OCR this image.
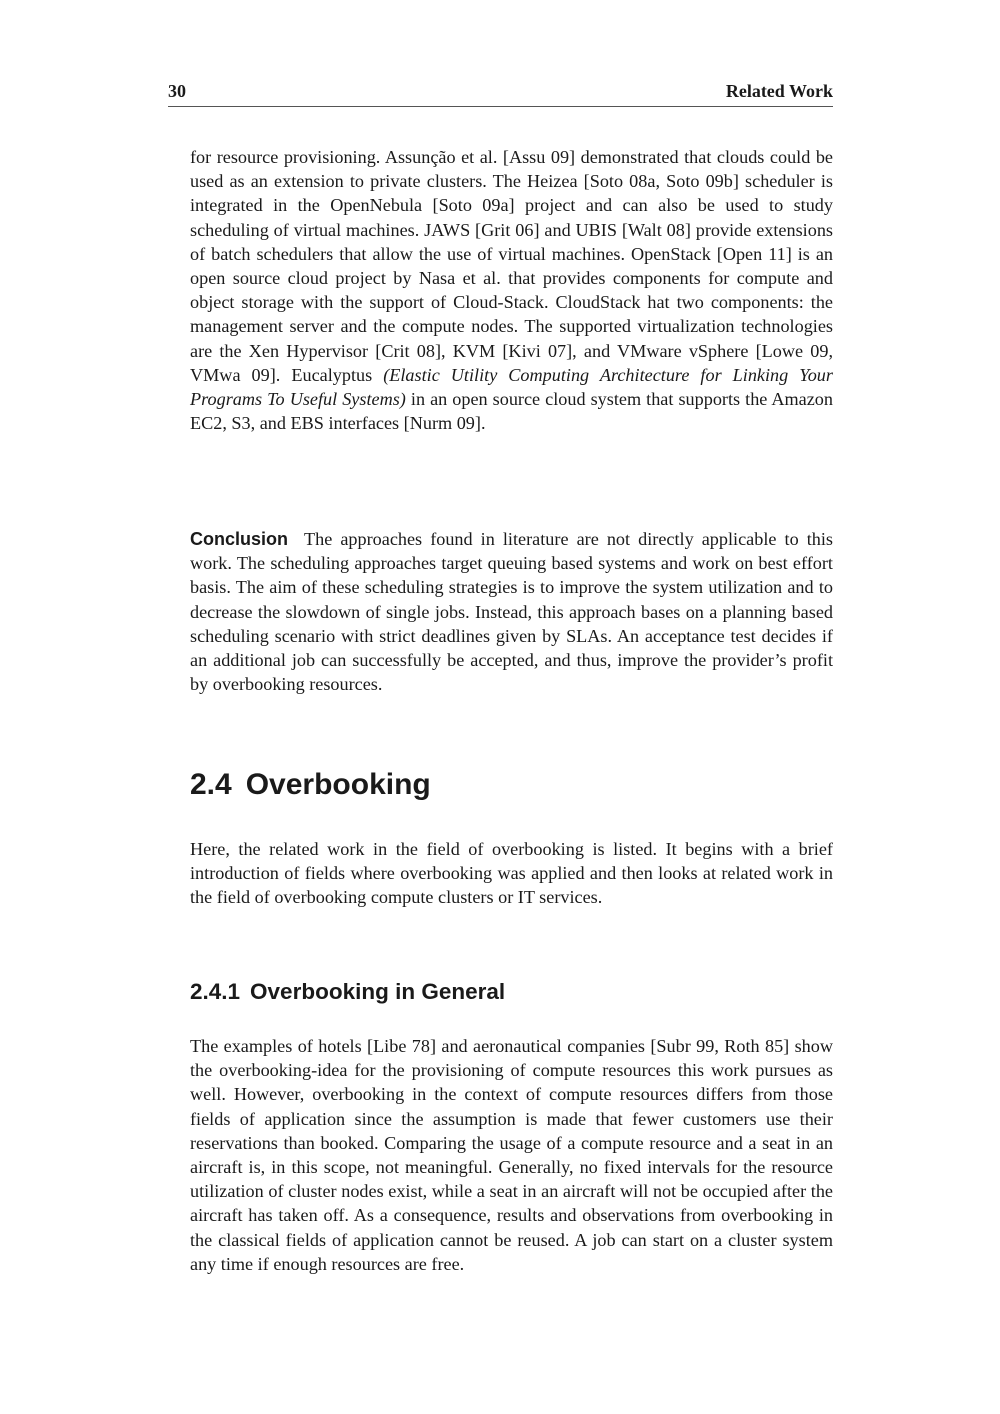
30	Related Work

for resource provisioning. Assunção et al. [Assu 09] demonstrated that clouds could be used as an extension to private clusters. The Heizea [Soto 08a, Soto 09b] scheduler is integrated in the OpenNebula [Soto 09a] project and can also be used to study scheduling of virtual machines. JAWS [Grit 06] and UBIS [Walt 08] provide extensions of batch schedulers that allow the use of virtual machines. OpenStack [Open 11] is an open source cloud project by Nasa et al. that provides components for compute and object storage with the support of Cloud-Stack. CloudStack hat two components: the management server and the compute nodes. The supported virtualization technologies are the Xen Hypervisor [Crit 08], KVM [Kivi 07], and VMware vSphere [Lowe 09, VMwa 09]. Eucalyptus (Elastic Utility Computing Architecture for Linking Your Programs To Useful Systems) in an open source cloud system that supports the Amazon EC2, S3, and EBS interfaces [Nurm 09].

Conclusion The approaches found in literature are not directly applicable to this work. The scheduling approaches target queuing based systems and work on best effort basis. The aim of these scheduling strategies is to improve the system utilization and to decrease the slowdown of single jobs. Instead, this approach bases on a planning based scheduling scenario with strict deadlines given by SLAs. An acceptance test decides if an additional job can successfully be accepted, and thus, improve the provider’s profit by overbooking resources.

2.4 Overbooking

Here, the related work in the field of overbooking is listed. It begins with a brief introduction of fields where overbooking was applied and then looks at related work in the field of overbooking compute clusters or IT services.

2.4.1 Overbooking in General

The examples of hotels [Libe 78] and aeronautical companies [Subr 99, Roth 85] show the overbooking-idea for the provisioning of compute resources this work pursues as well. However, overbooking in the context of compute resources differs from those fields of application since the assumption is made that fewer customers use their reservations than booked. Comparing the usage of a compute resource and a seat in an aircraft is, in this scope, not meaningful. Generally, no fixed intervals for the resource utilization of cluster nodes exist, while a seat in an aircraft will not be occupied after the aircraft has taken off. As a consequence, results and observations from overbooking in the classical fields of application cannot be reused. A job can start on a cluster system any time if enough resources are free.
